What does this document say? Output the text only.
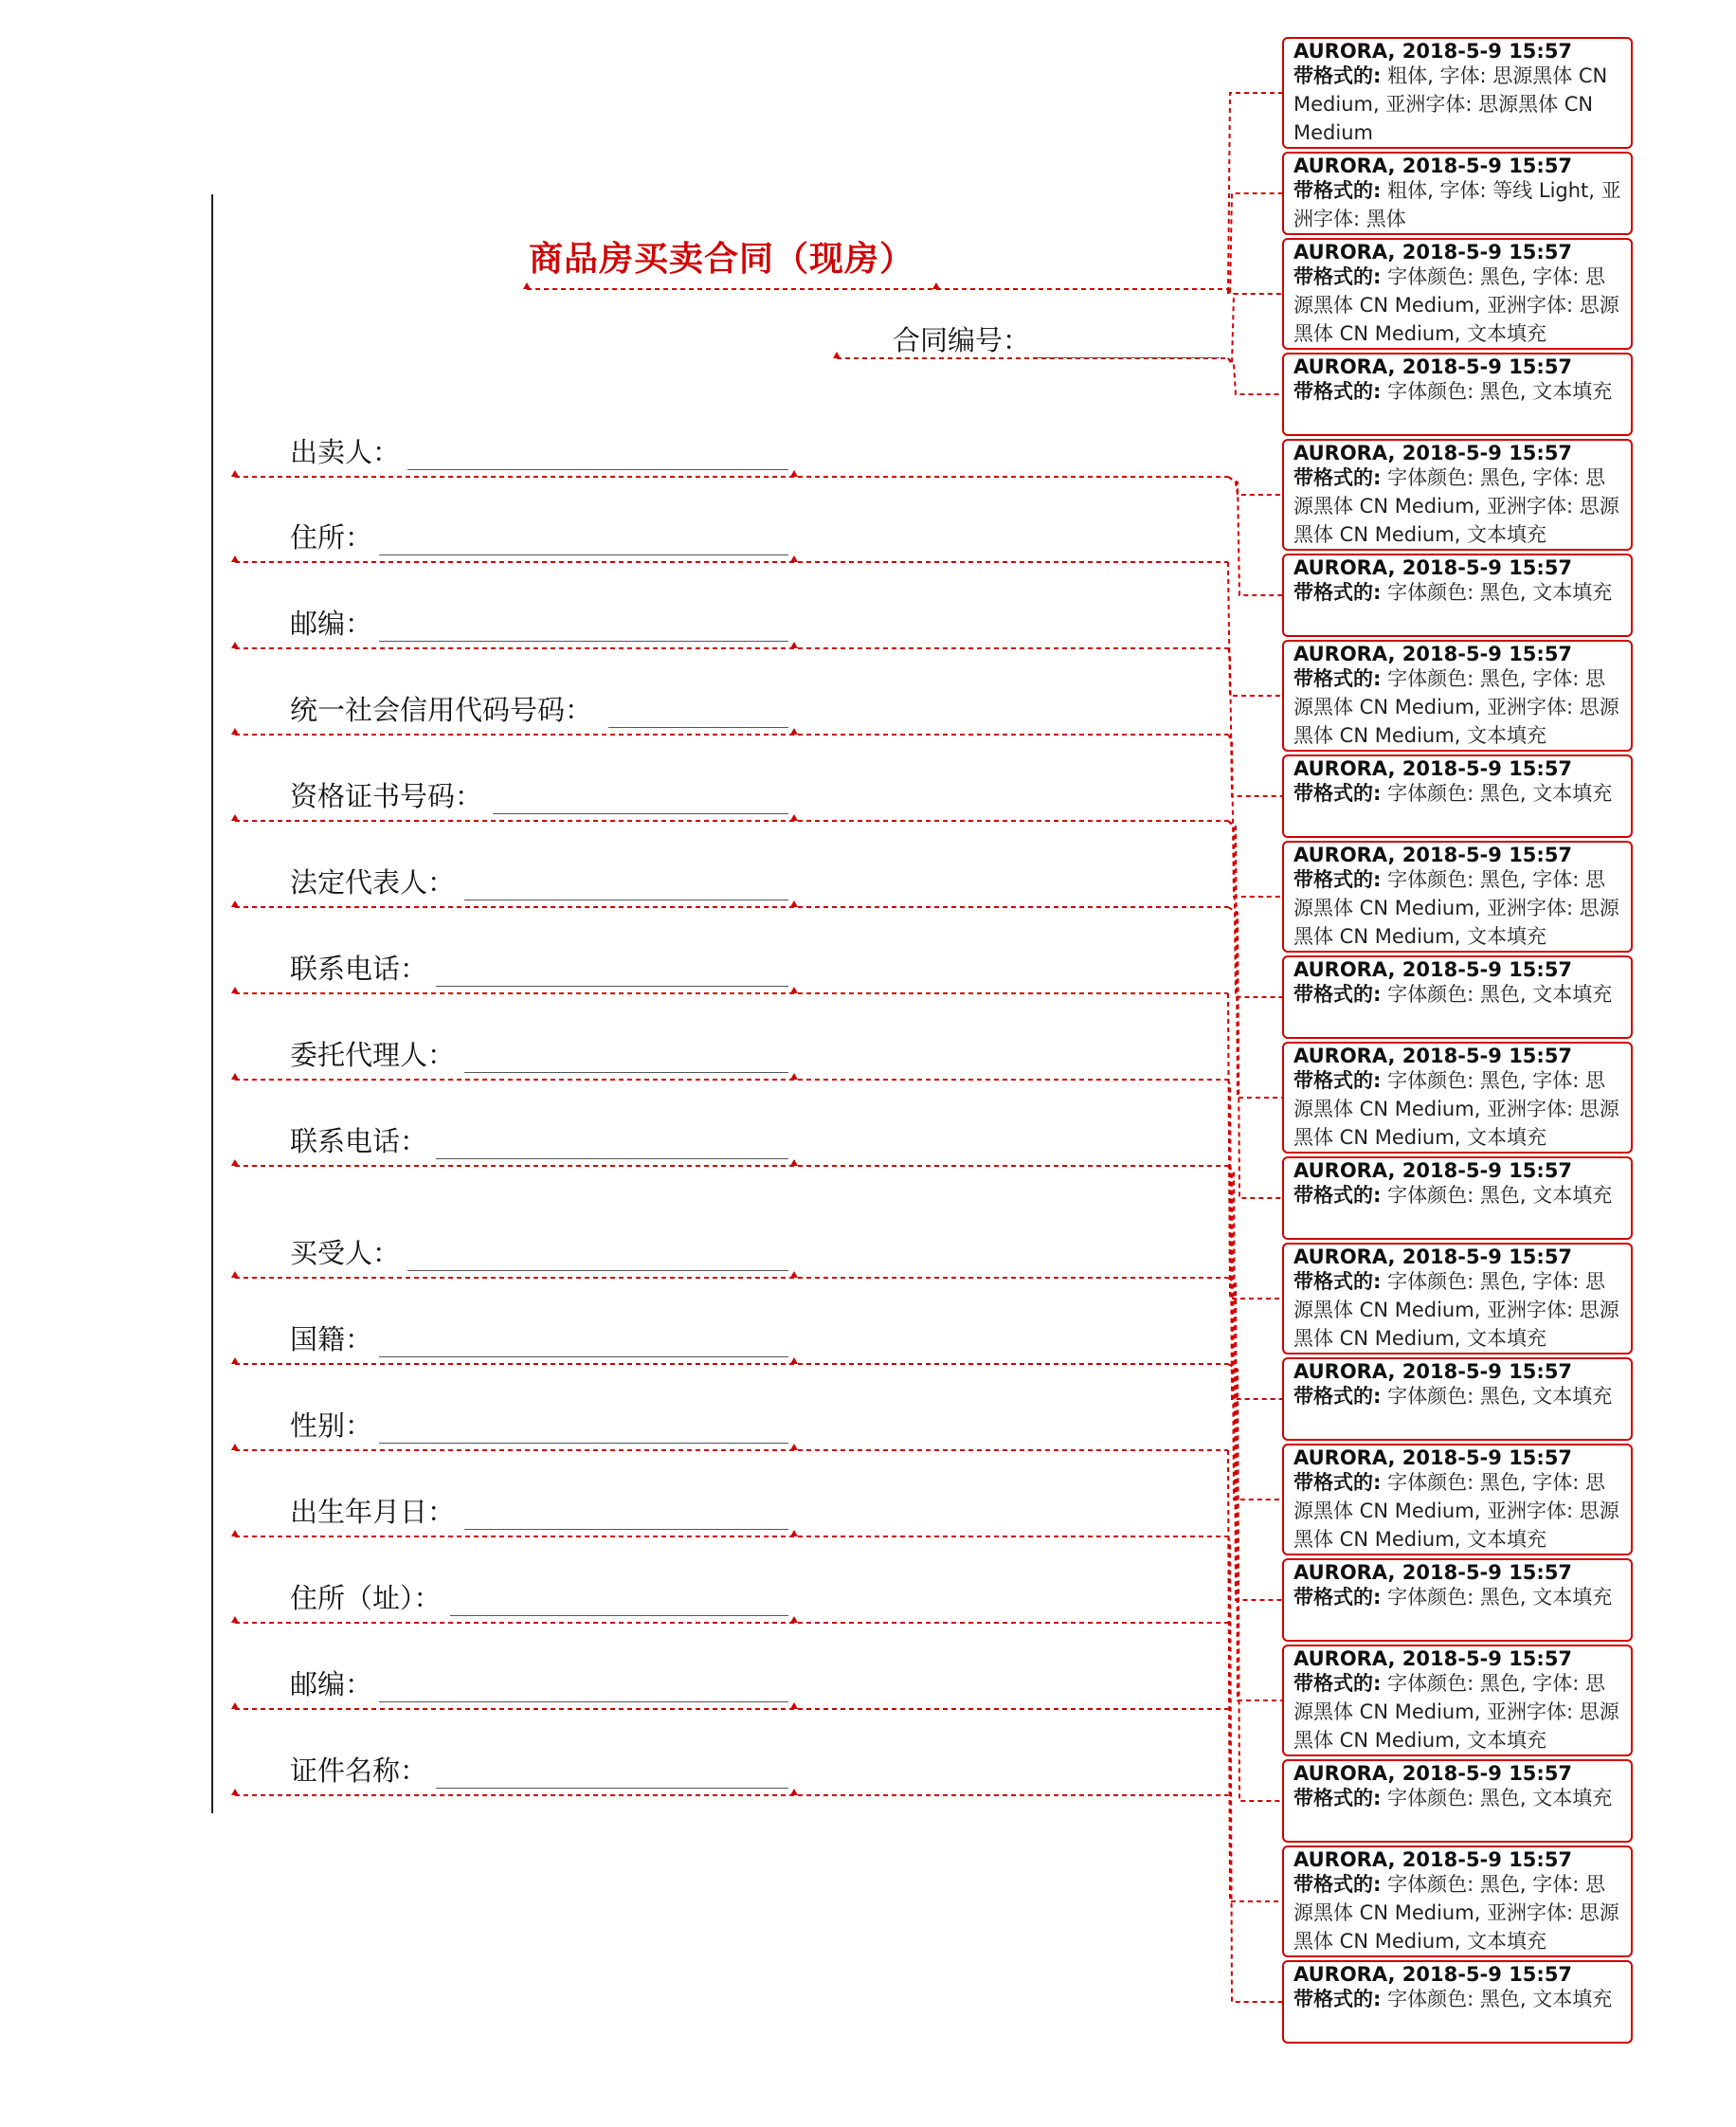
商品房买卖合同（现房）
合同编号：
出卖人：
住所：
邮编：
统一社会信用代码号码：
资格证书号码：
法定代表人：
联系电话：
委托代理人：
联系电话：
买受人：
国籍：
性别：
出生年月日：
住所（址）：
邮编：
证件名称：
AURORA, 2018-5-9 15:57
带格式的: 粗体, 字体: 思源黑体 CN Medium, 亚洲字体: 思源黑体 CN Medium
AURORA, 2018-5-9 15:57
带格式的: 粗体, 字体: 等线 Light, 亚洲字体: 黑体
AURORA, 2018-5-9 15:57
带格式的: 字体颜色: 黑色, 字体: 思源黑体 CN Medium, 亚洲字体: 思源黑体 CN Medium, 文本填充
AURORA, 2018-5-9 15:57
带格式的: 字体颜色: 黑色, 文本填充
AURORA, 2018-5-9 15:57
带格式的: 字体颜色: 黑色, 字体: 思源黑体 CN Medium, 亚洲字体: 思源黑体 CN Medium, 文本填充
AURORA, 2018-5-9 15:57
带格式的: 字体颜色: 黑色, 文本填充
AURORA, 2018-5-9 15:57
带格式的: 字体颜色: 黑色, 字体: 思源黑体 CN Medium, 亚洲字体: 思源黑体 CN Medium, 文本填充
AURORA, 2018-5-9 15:57
带格式的: 字体颜色: 黑色, 文本填充
AURORA, 2018-5-9 15:57
带格式的: 字体颜色: 黑色, 字体: 思源黑体 CN Medium, 亚洲字体: 思源黑体 CN Medium, 文本填充
AURORA, 2018-5-9 15:57
带格式的: 字体颜色: 黑色, 文本填充
AURORA, 2018-5-9 15:57
带格式的: 字体颜色: 黑色, 字体: 思源黑体 CN Medium, 亚洲字体: 思源黑体 CN Medium, 文本填充
AURORA, 2018-5-9 15:57
带格式的: 字体颜色: 黑色, 文本填充
AURORA, 2018-5-9 15:57
带格式的: 字体颜色: 黑色, 字体: 思源黑体 CN Medium, 亚洲字体: 思源黑体 CN Medium, 文本填充
AURORA, 2018-5-9 15:57
带格式的: 字体颜色: 黑色, 文本填充
AURORA, 2018-5-9 15:57
带格式的: 字体颜色: 黑色, 字体: 思源黑体 CN Medium, 亚洲字体: 思源黑体 CN Medium, 文本填充
AURORA, 2018-5-9 15:57
带格式的: 字体颜色: 黑色, 文本填充
AURORA, 2018-5-9 15:57
带格式的: 字体颜色: 黑色, 字体: 思源黑体 CN Medium, 亚洲字体: 思源黑体 CN Medium, 文本填充
AURORA, 2018-5-9 15:57
带格式的: 字体颜色: 黑色, 文本填充
AURORA, 2018-5-9 15:57
带格式的: 字体颜色: 黑色, 字体: 思源黑体 CN Medium, 亚洲字体: 思源黑体 CN Medium, 文本填充
AURORA, 2018-5-9 15:57
带格式的: 字体颜色: 黑色, 文本填充
